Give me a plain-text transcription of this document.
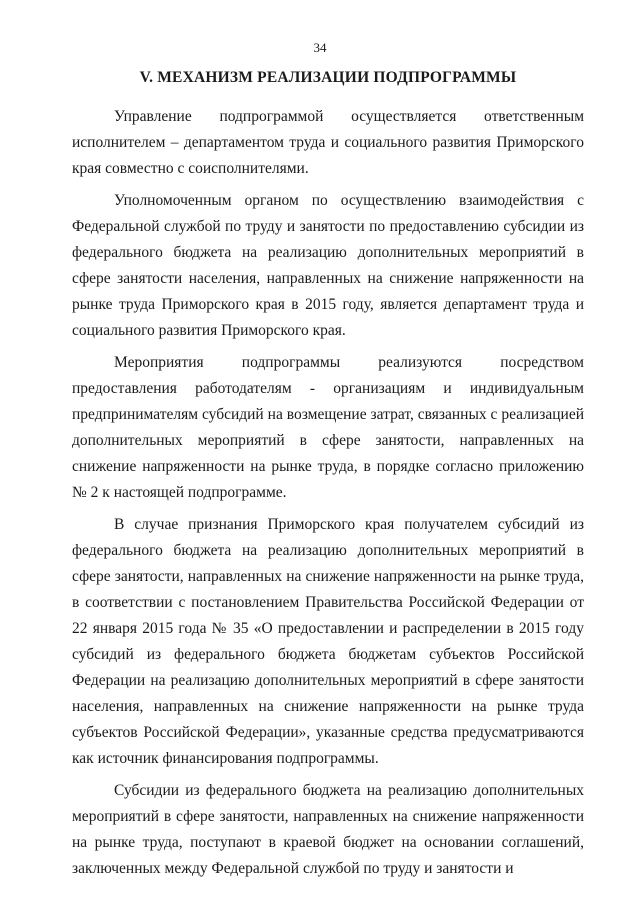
34
V. МЕХАНИЗМ РЕАЛИЗАЦИИ ПОДПРОГРАММЫ

Управление подпрограммой осуществляется ответственным исполнителем – департаментом труда и социального развития Приморского края совместно с соисполнителями.

Уполномоченным органом по осуществлению взаимодействия с Федеральной службой по труду и занятости по предоставлению субсидии из федерального бюджета на реализацию дополнительных мероприятий в сфере занятости населения, направленных на снижение напряженности на рынке труда Приморского края в 2015 году, является департамент труда и социального развития Приморского края.

Мероприятия подпрограммы реализуются посредством предоставления работодателям - организациям и индивидуальным предпринимателям субсидий на возмещение затрат, связанных с реализацией дополнительных мероприятий в сфере занятости, направленных на снижение напряженности на рынке труда, в порядке согласно приложению № 2 к настоящей подпрограмме.

В случае признания Приморского края получателем субсидий из федерального бюджета на реализацию дополнительных мероприятий в сфере занятости, направленных на снижение напряженности на рынке труда, в соответствии с постановлением Правительства Российской Федерации от 22 января 2015 года № 35 «О предоставлении и распределении в 2015 году субсидий из федерального бюджета бюджетам субъектов Российской Федерации на реализацию дополнительных мероприятий в сфере занятости населения, направленных на снижение напряженности на рынке труда субъектов Российской Федерации», указанные средства предусматриваются как источник финансирования подпрограммы.

Субсидии из федерального бюджета на реализацию дополнительных мероприятий в сфере занятости, направленных на снижение напряженности на рынке труда, поступают в краевой бюджет на основании соглашений, заключенных между Федеральной службой по труду и занятости и
